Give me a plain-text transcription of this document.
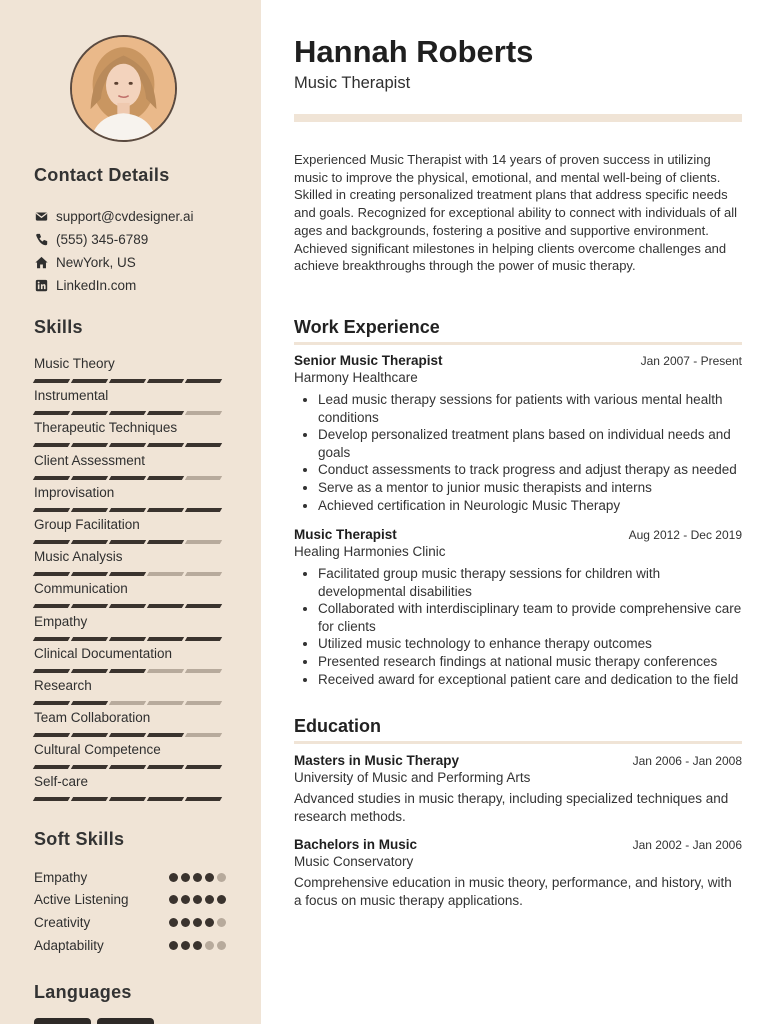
Contact Details
support@cvdesigner.ai
(555) 345-6789
NewYork, US
LinkedIn.com
Skills
Music Theory
Instrumental
Therapeutic Techniques
Client Assessment
Improvisation
Group Facilitation
Music Analysis
Communication
Empathy
Clinical Documentation
Research
Team Collaboration
Cultural Competence
Self-care
Soft Skills
Empathy
Active Listening
Creativity
Adaptability
Languages
Hannah Roberts
Music Therapist
Experienced Music Therapist with 14 years of proven success in utilizing music to improve the physical, emotional, and mental well-being of clients. Skilled in creating personalized treatment plans that address specific needs and goals. Recognized for exceptional ability to connect with individuals of all ages and backgrounds, fostering a positive and supportive environment. Achieved significant milestones in helping clients overcome challenges and achieve breakthroughs through the power of music therapy.
Work Experience
Senior Music Therapist	Jan 2007 - Present
Harmony Healthcare
• Lead music therapy sessions for patients with various mental health conditions
• Develop personalized treatment plans based on individual needs and goals
• Conduct assessments to track progress and adjust therapy as needed
• Serve as a mentor to junior music therapists and interns
• Achieved certification in Neurologic Music Therapy
Music Therapist	Aug 2012 - Dec 2019
Healing Harmonies Clinic
• Facilitated group music therapy sessions for children with developmental disabilities
• Collaborated with interdisciplinary team to provide comprehensive care for clients
• Utilized music technology to enhance therapy outcomes
• Presented research findings at national music therapy conferences
• Received award for exceptional patient care and dedication to the field
Education
Masters in Music Therapy	Jan 2006 - Jan 2008
University of Music and Performing Arts
Advanced studies in music therapy, including specialized techniques and research methods.
Bachelors in Music	Jan 2002 - Jan 2006
Music Conservatory
Comprehensive education in music theory, performance, and history, with a focus on music therapy applications.
